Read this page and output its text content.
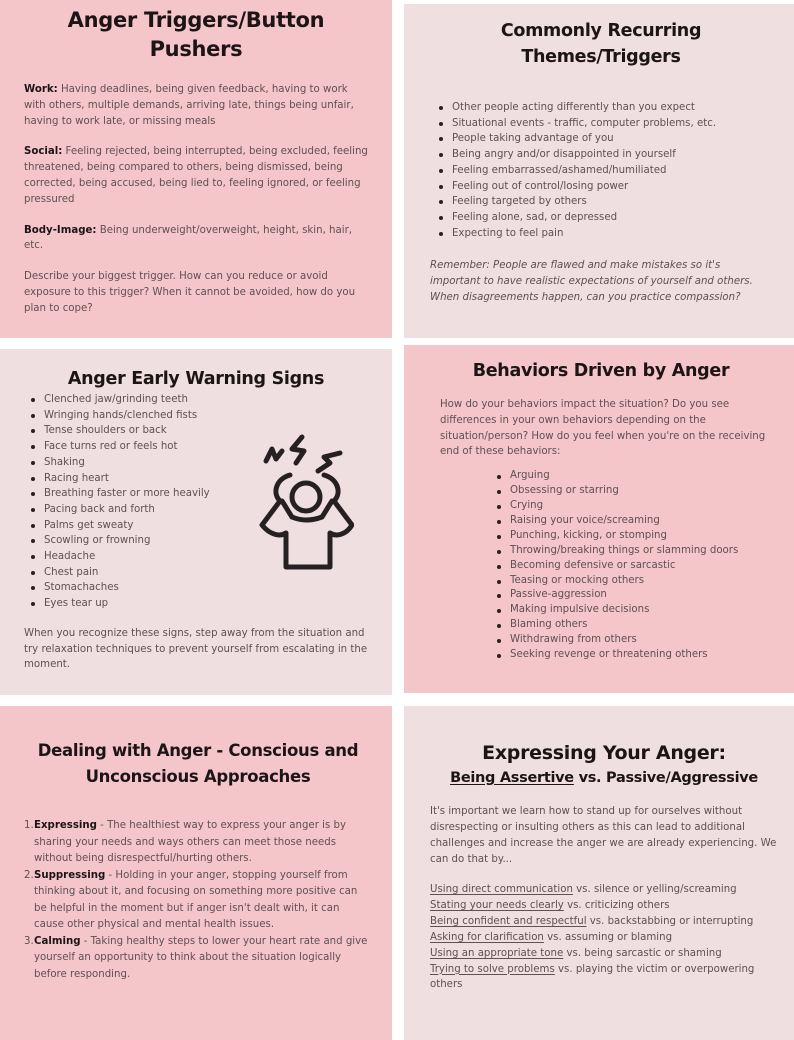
Anger Triggers/Button
Pushers

Work: Having deadlines, being given feedback, having to work with others, multiple demands, arriving late, things being unfair, having to work late, or missing meals

Social: Feeling rejected, being interrupted, being excluded, feeling threatened, being compared to others, being dismissed, being corrected, being accused, being lied to, feeling ignored, or feeling pressured

Body-Image: Being underweight/overweight, height, skin, hair, etc.

Describe your biggest trigger. How can you reduce or avoid exposure to this trigger? When it cannot be avoided, how do you plan to cope?

Commonly Recurring
Themes/Triggers
Other people acting differently than you expect
Situational events - traffic, computer problems, etc.
People taking advantage of you
Being angry and/or disappointed in yourself
Feeling embarrassed/ashamed/humiliated
Feeling out of control/losing power
Feeling targeted by others
Feeling alone, sad, or depressed
Expecting to feel pain

Remember: People are flawed and make mistakes so it's important to have realistic expectations of yourself and others. When disagreements happen, can you practice compassion?

Anger Early Warning Signs
Clenched jaw/grinding teeth
Wringing hands/clenched fists
Tense shoulders or back
Face turns red or feels hot
Shaking
Racing heart
Breathing faster or more heavily
Pacing back and forth
Palms get sweaty
Scowling or frowning
Headache
Chest pain
Stomachaches
Eyes tear up

When you recognize these signs, step away from the situation and try relaxation techniques to prevent yourself from escalating in the moment.

Behaviors Driven by Anger

How do your behaviors impact the situation? Do you see differences in your own behaviors depending on the situation/person? How do you feel when you're on the receiving end of these behaviors:

Arguing
Obsessing or starring
Crying
Raising your voice/screaming
Punching, kicking, or stomping
Throwing/breaking things or slamming doors
Becoming defensive or sarcastic
Teasing or mocking others
Passive-aggression
Making impulsive decisions
Blaming others
Withdrawing from others
Seeking revenge or threatening others
Dealing with Anger - Conscious and
Unconscious Approaches
1. Expressing - The healthiest way to express your anger is by sharing your needs and ways others can meet those needs without being disrespectful/hurting others.

2. Suppressing - Holding in your anger, stopping yourself from thinking about it, and focusing on something more positive can be helpful in the moment but if anger isn't dealt with, it can cause other physical and mental health issues.

3. Calming - Taking healthy steps to lower your heart rate and give yourself an opportunity to think about the situation logically before responding.

Expressing Your Anger:
Being Assertive vs. Passive/Aggressive

It's important we learn how to stand up for ourselves without disrespecting or insulting others as this can lead to additional challenges and increase the anger we are already experiencing. We can do that by...

Using direct communication vs. silence or yelling/screaming

Stating your needs clearly vs. criticizing others

Being confident and respectful vs. backstabbing or interrupting

Asking for clarification vs. assuming or blaming

Using an appropriate tone vs. being sarcastic or shaming

Trying to solve problems vs. playing the victim or overpowering others
